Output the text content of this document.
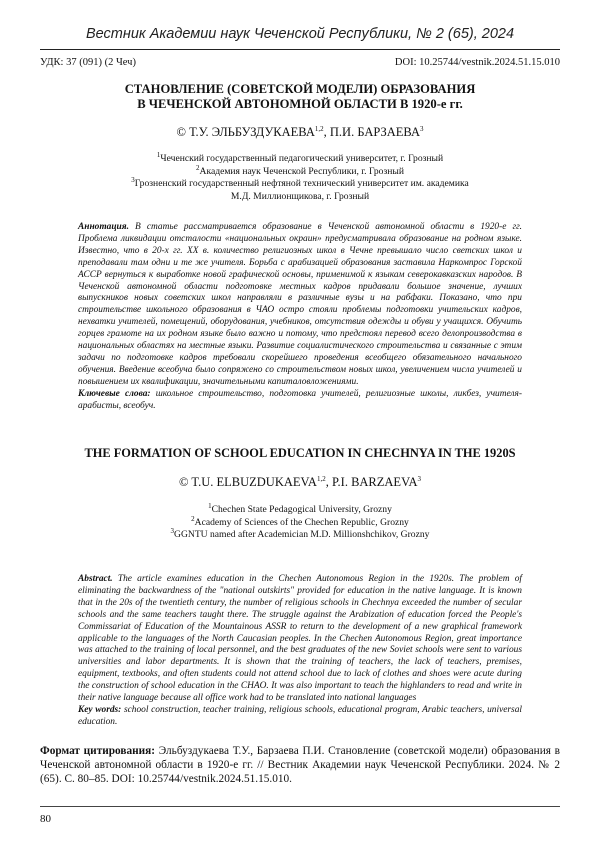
Вестник Академии наук Чеченской Республики, № 2 (65), 2024
УДК: 37 (091) (2 Чеч)	DOI: 10.25744/vestnik.2024.51.15.010
СТАНОВЛЕНИЕ (СОВЕТСКОЙ МОДЕЛИ) ОБРАЗОВАНИЯ
В ЧЕЧЕНСКОЙ АВТОНОМНОЙ ОБЛАСТИ В 1920-е гг.
© Т.У. ЭЛЬБУЗДУКАЕВА1,2, П.И. БАРЗАЕВА3
1Чеченский государственный педагогический университет, г. Грозный
2Академия наук Чеченской Республики, г. Грозный
3Грозненский государственный нефтяной технический университет им. академика
М.Д. Миллионщикова, г. Грозный
Аннотация. В статье рассматривается образование в Чеченской автономной области в 1920-е гг. Проблема ликвидации отсталости «национальных окраин» предусматривала образование на родном языке. Известно, что в 20-х гг. XX в. количество религиозных школ в Чечне превышало число светских школ и преподавали там одни и те же учителя. Борьба с арабизацией образования заставила Наркомпрос Горской АССР вернуться к выработке новой графической основы, применимой к языкам северокавказских народов. В Чеченской автономной области подготовке местных кадров придавали большое значение, лучших выпускников новых советских школ направляли в различные вузы и на рабфаки. Показано, что при строительстве школьного образования в ЧАО остро стояли проблемы подготовки учительских кадров, нехватки учителей, помещений, оборудования, учебников, отсутствия одежды и обуви у учащихся. Обучить горцев грамоте на их родном языке было важно и потому, что предстоял перевод всего делопроизводства в национальных областях на местные языки. Развитие социалистического строительства и связанные с этим задачи по подготовке кадров требовали скорейшего проведения всеобщего обязательного начального обучения. Введение всеобуча было сопряжено со строительством новых школ, увеличением числа учителей и повышением их квалификации, значительными капиталовложениями.
Ключевые слова: школьное строительство, подготовка учителей, религиозные школы, ликбез, учителя-арабисты, всеобуч.
THE FORMATION OF SCHOOL EDUCATION IN CHECHNYA IN THE 1920S
© T.U. ELBUZDUKAEVA1,2, P.I. BARZAEVA3
1Chechen State Pedagogical University, Grozny
2Academy of Sciences of the Chechen Republic, Grozny
3GGNTU named after Academician M.D. Millionshchikov, Grozny
Abstract. The article examines education in the Chechen Autonomous Region in the 1920s. The problem of eliminating the backwardness of the "national outskirts" provided for education in the native language. It is known that in the 20s of the twentieth century, the number of religious schools in Chechnya exceeded the number of secular schools and the same teachers taught there. The struggle against the Arabization of education forced the People's Commissariat of Education of the Mountainous ASSR to return to the development of a new graphical framework applicable to the languages of the North Caucasian peoples. In the Chechen Autonomous Region, great importance was attached to the training of local personnel, and the best graduates of the new Soviet schools were sent to various universities and labor departments. It is shown that the training of teachers, the lack of teachers, premises, equipment, textbooks, and often students could not attend school due to lack of clothes and shoes were acute during the construction of school education in the CHAO. It was also important to teach the highlanders to read and write in their native language because all office work had to be translated into national languages
Key words: school construction, teacher training, religious schools, educational program, Arabic teachers, universal education.
Формат цитирования: Эльбуздукаева Т.У., Барзаева П.И. Становление (советской модели) образования в Чеченской автономной области в 1920-е гг. // Вестник Академии наук Чеченской Республики. 2024. № 2 (65). С. 80–85. DOI: 10.25744/vestnik.2024.51.15.010.
80
